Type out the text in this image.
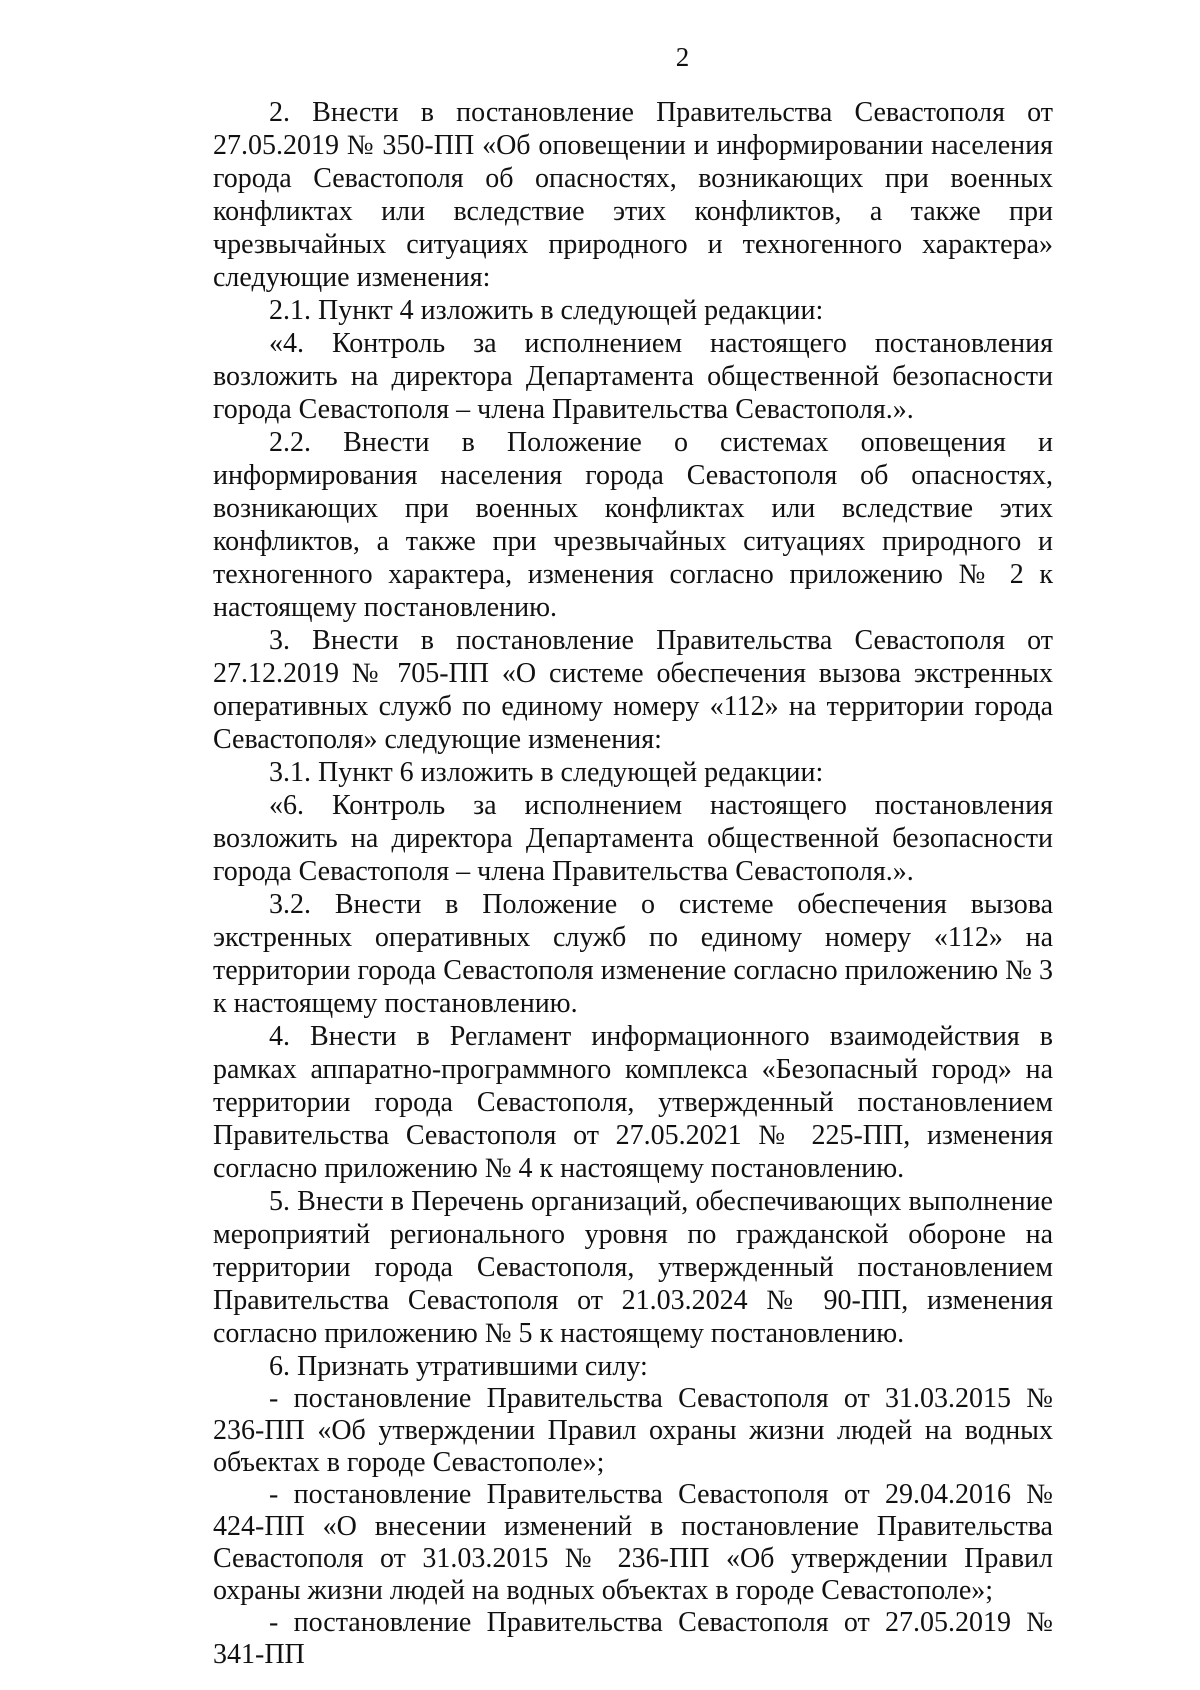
2

2. Внести в постановление Правительства Севастополя от 27.05.2019 № 350-ПП «Об оповещении и информировании населения города Севастополя об опасностях, возникающих при военных конфликтах или вследствие этих конфликтов, а также при чрезвычайных ситуациях природного и техногенного характера» следующие изменения:

2.1. Пункт 4 изложить в следующей редакции:

«4. Контроль за исполнением настоящего постановления возложить на директора Департамента общественной безопасности города Севастополя – члена Правительства Севастополя.».

2.2. Внести в Положение о системах оповещения и информирования населения города Севастополя об опасностях, возникающих при военных конфликтах или вследствие этих конфликтов, а также при чрезвычайных ситуациях природного и техногенного характера, изменения согласно приложению № 2 к настоящему постановлению.

3. Внести в постановление Правительства Севастополя от 27.12.2019 № 705-ПП «О системе обеспечения вызова экстренных оперативных служб по единому номеру «112» на территории города Севастополя» следующие изменения:

3.1. Пункт 6 изложить в следующей редакции:

«6. Контроль за исполнением настоящего постановления возложить на директора Департамента общественной безопасности города Севастополя – члена Правительства Севастополя.».

3.2. Внести в Положение о системе обеспечения вызова экстренных оперативных служб по единому номеру «112» на территории города Севастополя изменение согласно приложению № 3 к настоящему постановлению.

4. Внести в Регламент информационного взаимодействия в рамках аппаратно-программного комплекса «Безопасный город» на территории города Севастополя, утвержденный постановлением Правительства Севастополя от 27.05.2021 № 225-ПП, изменения согласно приложению № 4 к настоящему постановлению.

5. Внести в Перечень организаций, обеспечивающих выполнение мероприятий регионального уровня по гражданской обороне на территории города Севастополя, утвержденный постановлением Правительства Севастополя от 21.03.2024 № 90-ПП, изменения согласно приложению № 5 к настоящему постановлению.

6. Признать утратившими силу:

- постановление Правительства Севастополя от 31.03.2015 № 236-ПП «Об утверждении Правил охраны жизни людей на водных объектах в городе Севастополе»;

- постановление Правительства Севастополя от 29.04.2016 № 424-ПП «О внесении изменений в постановление Правительства Севастополя от 31.03.2015 № 236-ПП «Об утверждении Правил охраны жизни людей на водных объектах в городе Севастополе»;

- постановление Правительства Севастополя от 27.05.2019 № 341-ПП
